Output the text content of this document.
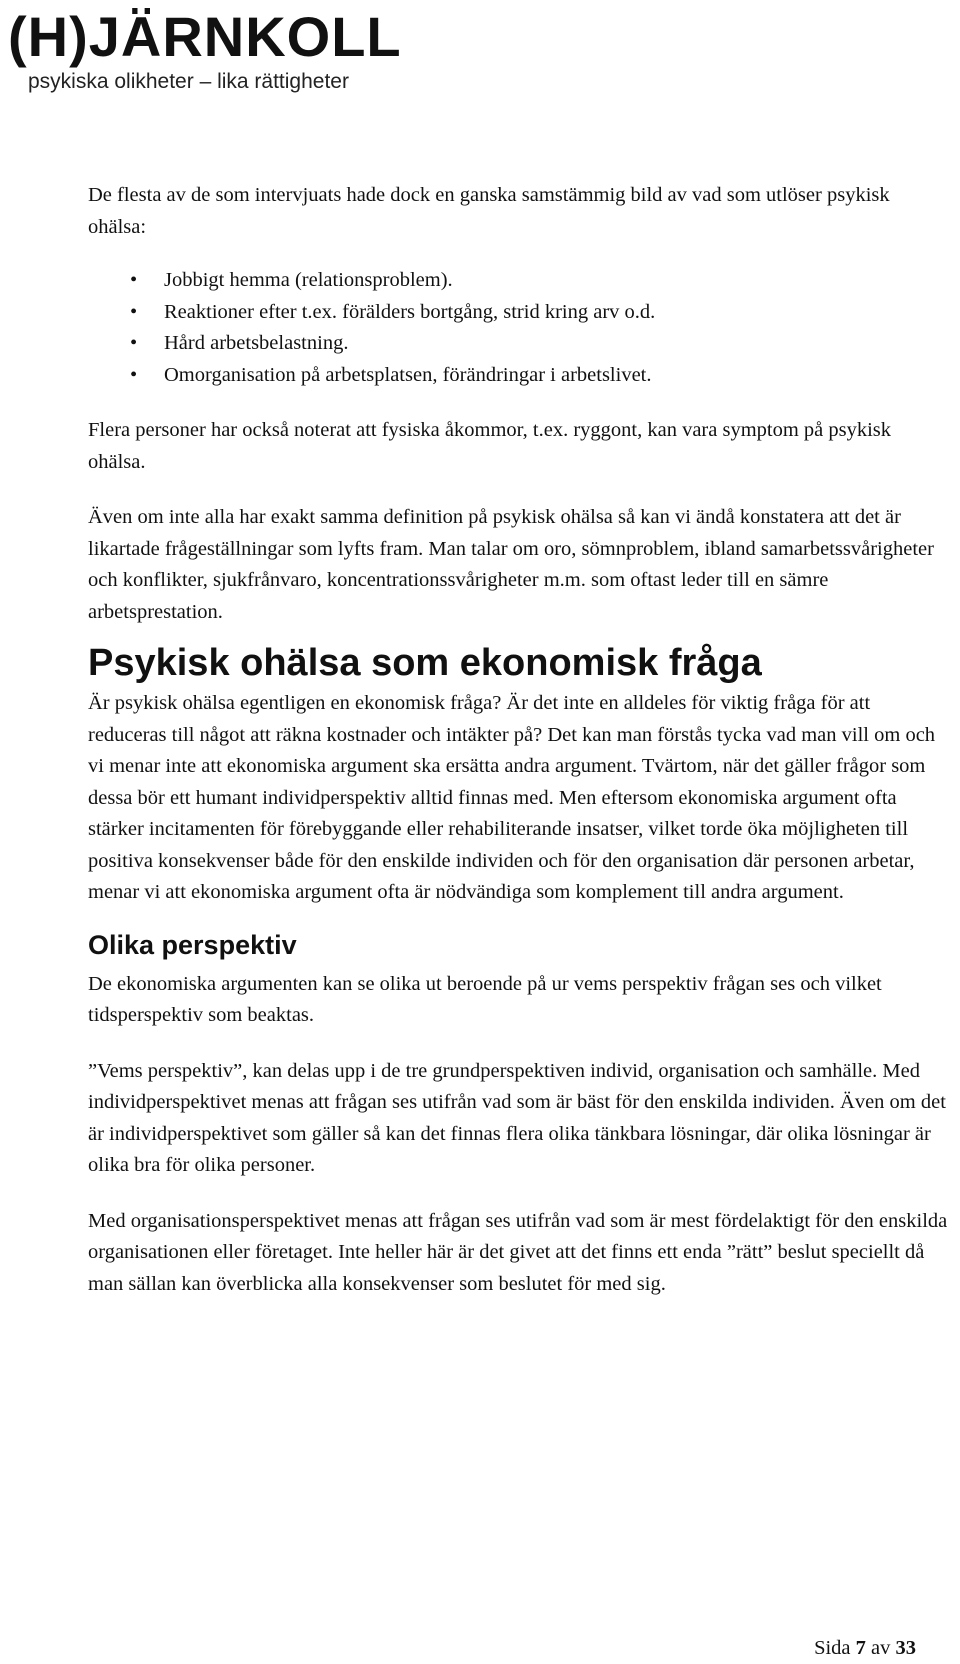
(H)JÄRNKOLL
psykiska olikheter – lika rättigheter

De flesta av de som intervjuats hade dock en ganska samstämmig bild av vad som utlöser psykisk ohälsa:

• Jobbigt hemma (relationsproblem).
• Reaktioner efter t.ex. förälders bortgång, strid kring arv o.d.
• Hård arbetsbelastning.
• Omorganisation på arbetsplatsen, förändringar i arbetslivet.

Flera personer har också noterat att fysiska åkommor, t.ex. ryggont, kan vara symptom på psykisk ohälsa.

Även om inte alla har exakt samma definition på psykisk ohälsa så kan vi ändå konstatera att det är likartade frågeställningar som lyfts fram. Man talar om oro, sömnproblem, ibland samarbetssvårigheter och konflikter, sjukfrånvaro, koncentrationssvårigheter m.m. som oftast leder till en sämre arbetsprestation.

Psykisk ohälsa som ekonomisk fråga

Är psykisk ohälsa egentligen en ekonomisk fråga? Är det inte en alldeles för viktig fråga för att reduceras till något att räkna kostnader och intäkter på? Det kan man förstås tycka vad man vill om och vi menar inte att ekonomiska argument ska ersätta andra argument. Tvärtom, när det gäller frågor som dessa bör ett humant individperspektiv alltid finnas med. Men eftersom ekonomiska argument ofta stärker incitamenten för förebyggande eller rehabiliterande insatser, vilket torde öka möjligheten till positiva konsekvenser både för den enskilde individen och för den organisation där personen arbetar, menar vi att ekonomiska argument ofta är nödvändiga som komplement till andra argument.

Olika perspektiv

De ekonomiska argumenten kan se olika ut beroende på ur vems perspektiv frågan ses och vilket tidsperspektiv som beaktas.

”Vems perspektiv”, kan delas upp i de tre grundperspektiven individ, organisation och samhälle. Med individperspektivet menas att frågan ses utifrån vad som är bäst för den enskilda individen. Även om det är individperspektivet som gäller så kan det finnas flera olika tänkbara lösningar, där olika lösningar är olika bra för olika personer.

Med organisationsperspektivet menas att frågan ses utifrån vad som är mest fördelaktigt för den enskilda organisationen eller företaget. Inte heller här är det givet att det finns ett enda ”rätt” beslut speciellt då man sällan kan överblicka alla konsekvenser som beslutet för med sig.

Sida 7 av 33
